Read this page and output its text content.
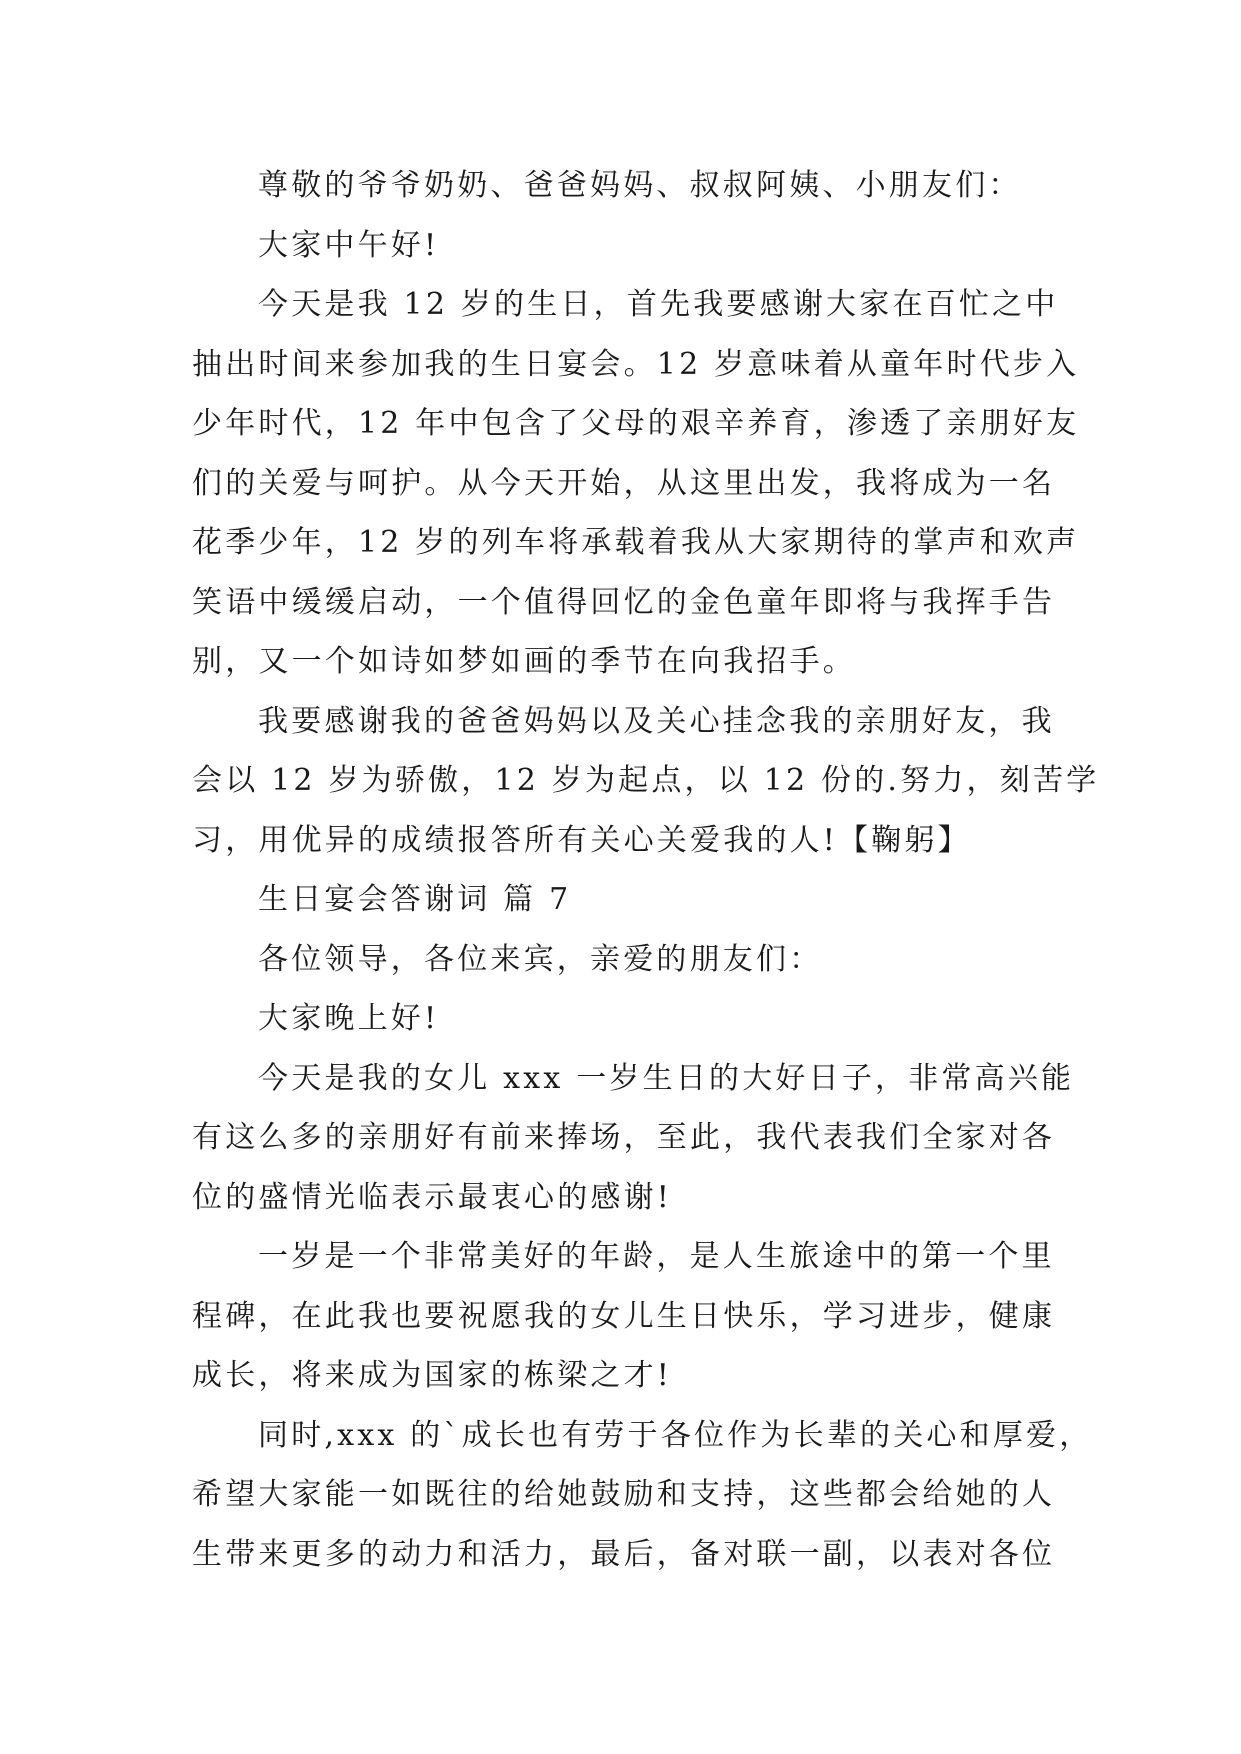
尊敬的爷爷奶奶、爸爸妈妈、叔叔阿姨、小朋友们：
大家中午好!
今天是我 12 岁的生日，首先我要感谢大家在百忙之中
抽出时间来参加我的生日宴会。12 岁意味着从童年时代步入
少年时代，12 年中包含了父母的艰辛养育，渗透了亲朋好友
们的关爱与呵护。从今天开始，从这里出发，我将成为一名
花季少年，12 岁的列车将承载着我从大家期待的掌声和欢声
笑语中缓缓启动，一个值得回忆的金色童年即将与我挥手告
别，又一个如诗如梦如画的季节在向我招手。
我要感谢我的爸爸妈妈以及关心挂念我的亲朋好友，我
会以 12 岁为骄傲，12 岁为起点，以 12 份的.努力，刻苦学
习，用优异的成绩报答所有关心关爱我的人!【鞠躬】
生日宴会答谢词 篇 7
各位领导，各位来宾，亲爱的朋友们：
大家晚上好!
今天是我的女儿 xxx 一岁生日的大好日子，非常高兴能
有这么多的亲朋好有前来捧场，至此，我代表我们全家对各
位的盛情光临表示最衷心的感谢!
一岁是一个非常美好的年龄，是人生旅途中的第一个里
程碑，在此我也要祝愿我的女儿生日快乐，学习进步，健康
成长，将来成为国家的栋梁之才!
同时,xxx 的`成长也有劳于各位作为长辈的关心和厚爱，
希望大家能一如既往的给她鼓励和支持，这些都会给她的人
生带来更多的动力和活力，最后，备对联一副，以表对各位
